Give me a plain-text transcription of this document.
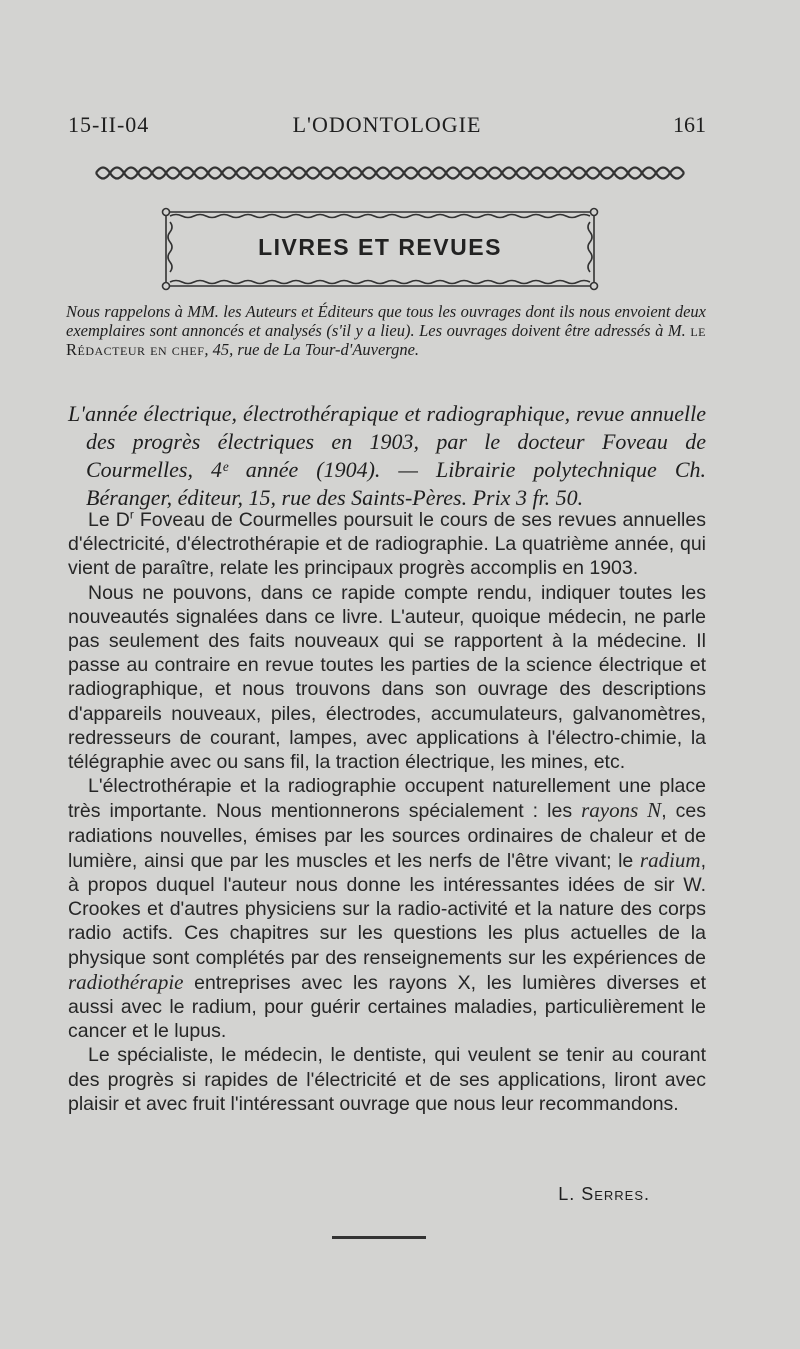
15-II-04	L'ODONTOLOGIE	161
LIVRES ET REVUES
Nous rappelons à MM. les Auteurs et Éditeurs que tous les ouvrages dont ils nous envoient deux exemplaires sont annoncés et analysés (s'il y a lieu). Les ouvrages doivent être adressés à M. le Rédacteur en chef, 45, rue de La Tour-d'Auvergne.
L'année électrique, électrothérapique et radiographique, revue annuelle des progrès électriques en 1903, par le docteur Foveau de Courmelles, 4ᵉ année (1904). — Librairie polytechnique Ch. Béranger, éditeur, 15, rue des Saints-Pères. Prix 3 fr. 50.

Le $D^r$ Foveau de Courmelles poursuit le cours de ses revues annuelles d'électricité, d'électrothérapie et de radiographie. La quatrième année, qui vient de paraître, relate les principaux progrès accomplis en 1903.

Nous ne pouvons, dans ce rapide compte rendu, indiquer toutes les nouveautés signalées dans ce livre. L'auteur, quoique médecin, ne parle pas seulement des faits nouveaux qui se rapportent à la médecine. Il passe au contraire en revue toutes les parties de la science électrique et radiographique, et nous trouvons dans son ouvrage des descriptions d'appareils nouveaux, piles, électrodes, accumulateurs, galvanomètres, redresseurs de courant, lampes, avec applications à l'électro-chimie, la télégraphie avec ou sans fil, la traction électrique, les mines, etc.

L'électrothérapie et la radiographie occupent naturellement une place très importante. Nous mentionnerons spécialement : les rayons N, ces radiations nouvelles, émises par les sources ordinaires de chaleur et de lumière, ainsi que par les muscles et les nerfs de l'être vivant; le radium, à propos duquel l'auteur nous donne les intéressantes idées de sir W. Crookes et d'autres physiciens sur la radio-activité et la nature des corps radio actifs. Ces chapitres sur les questions les plus actuelles de la physique sont complétés par des renseignements sur les expériences de radiothérapie entreprises avec les rayons X, les lumières diverses et aussi avec le radium, pour guérir certaines maladies, particulièrement le cancer et le lupus.

Le spécialiste, le médecin, le dentiste, qui veulent se tenir au courant des progrès si rapides de l'électricité et de ses applications, liront avec plaisir et avec fruit l'intéressant ouvrage que nous leur recommandons.

L. Serres.
